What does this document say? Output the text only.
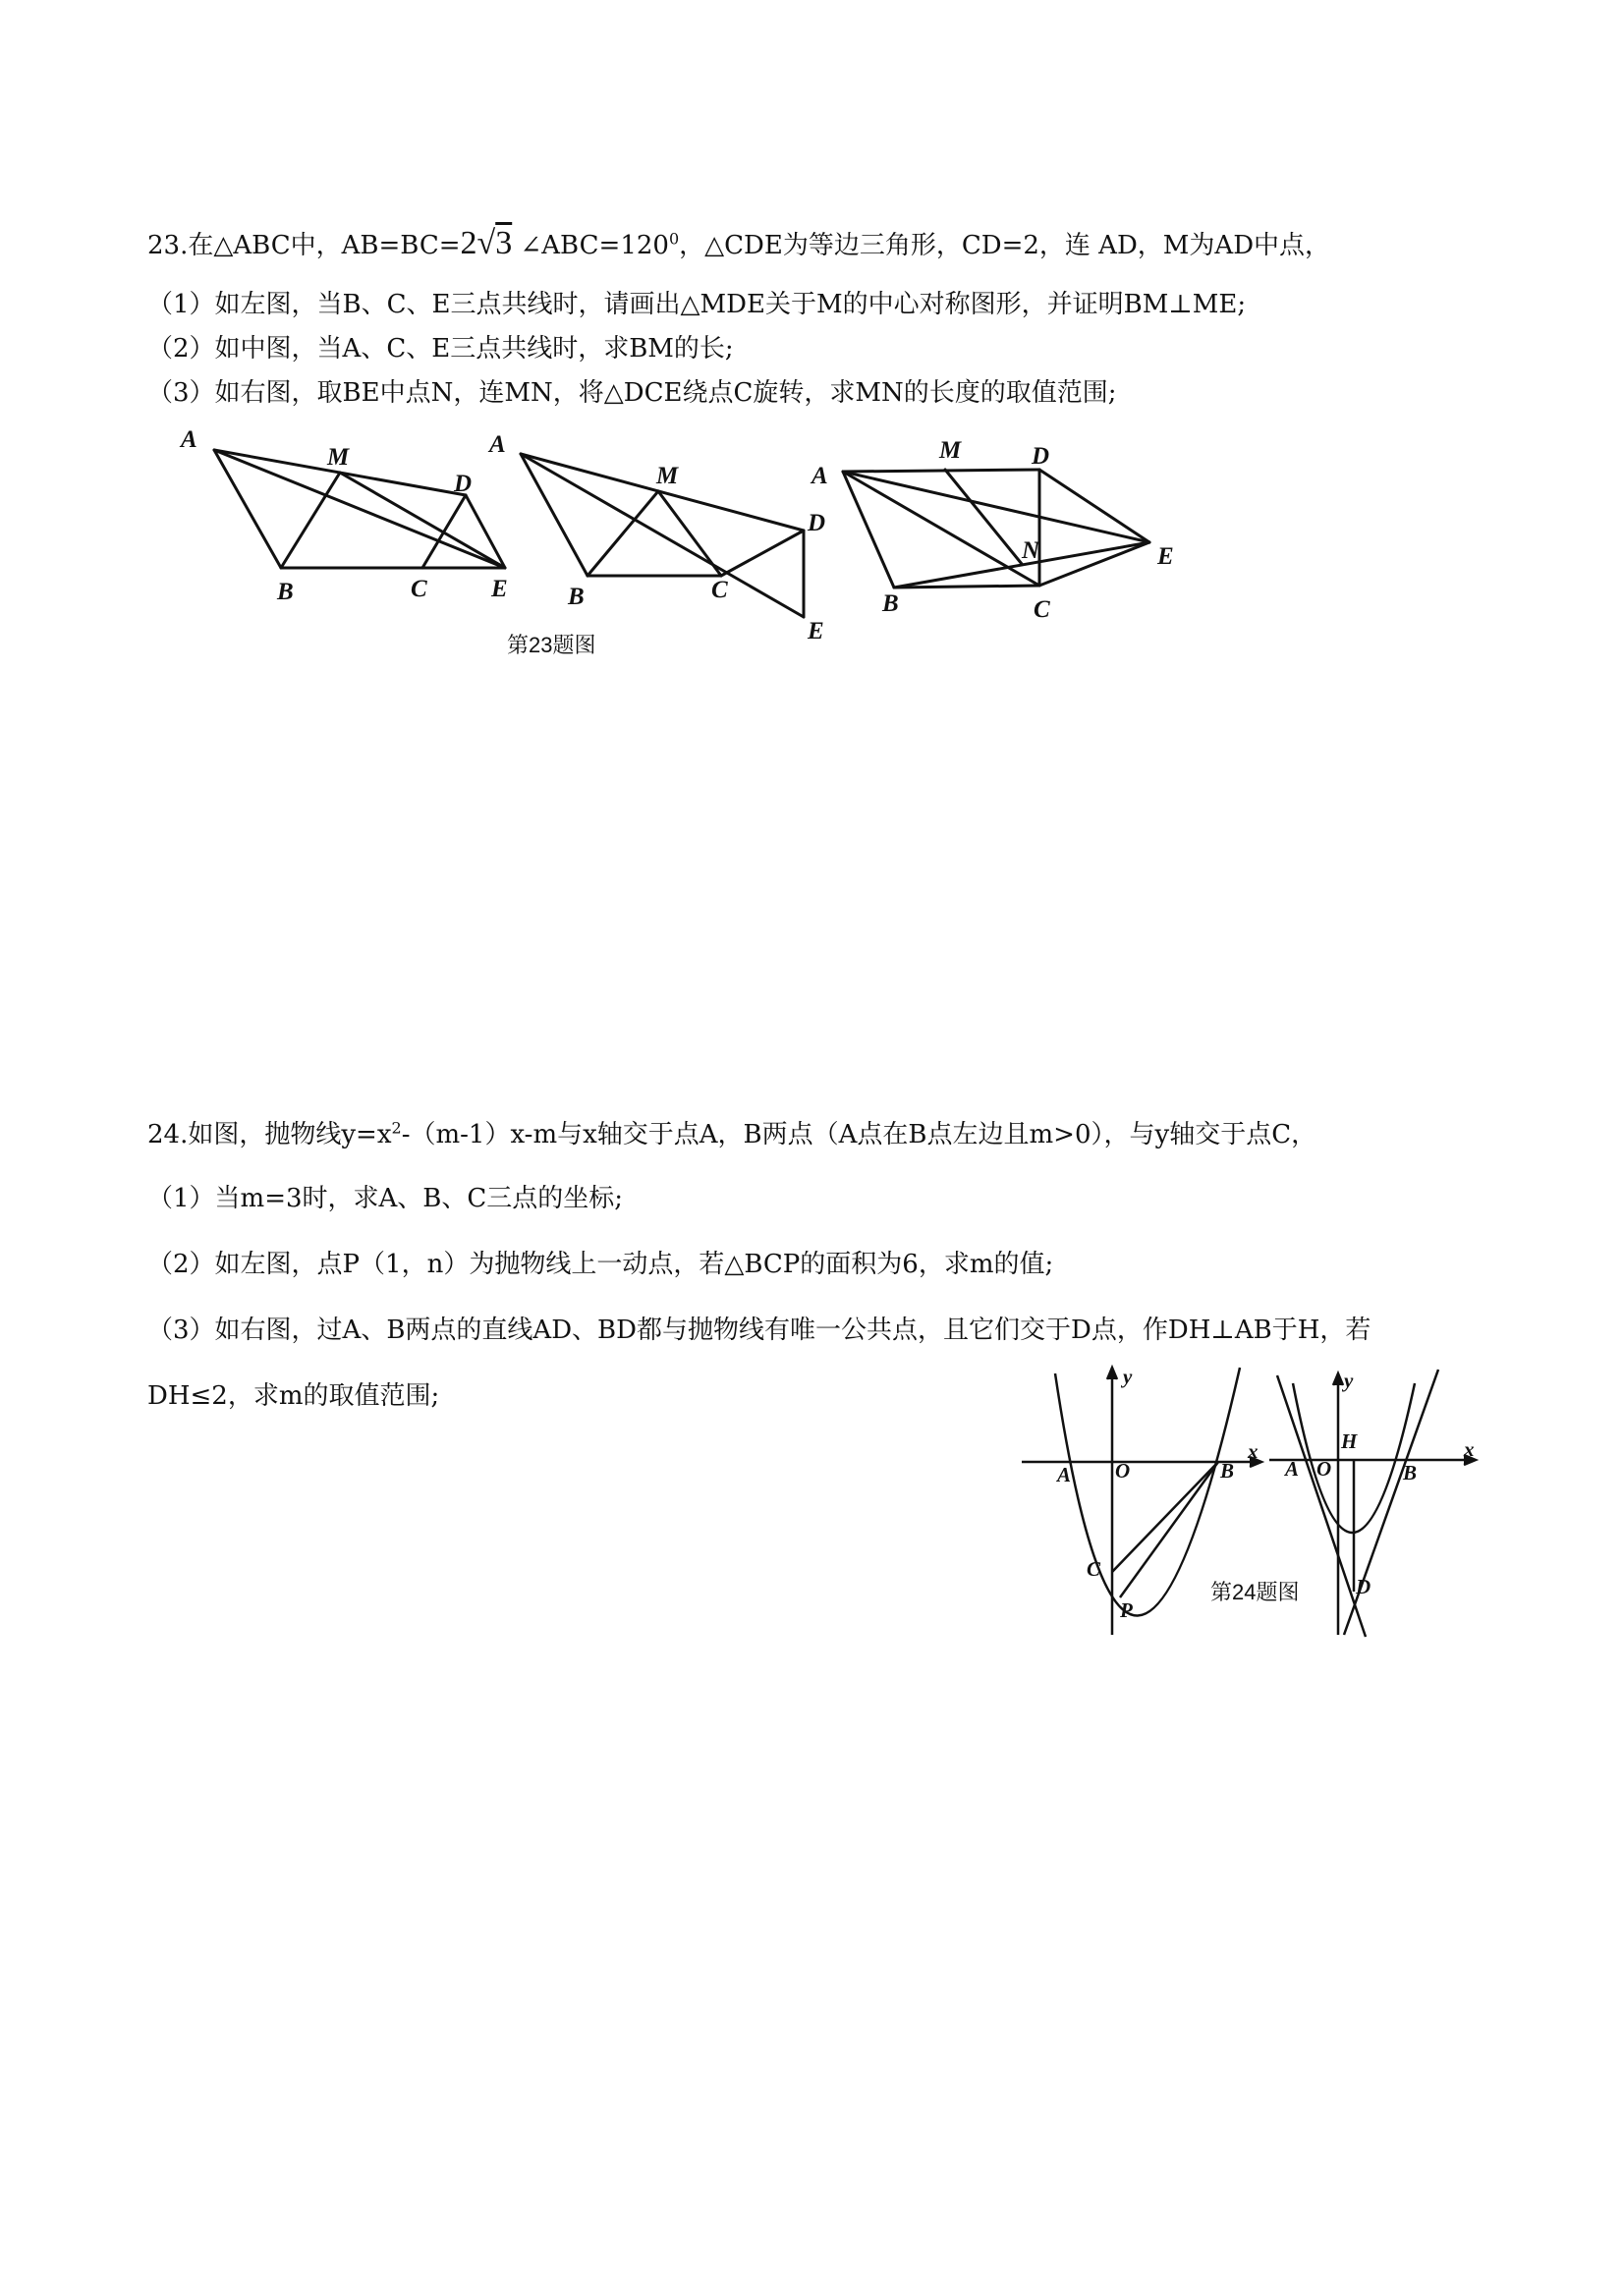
23.在△ABC中，AB=BC=2√3 $\angle ABC=120^0$，△CDE为等边三角形，CD=2，连 AD，M为AD中点，
（1）如左图，当B、C、E三点共线时，请画出△MDE关于M的中心对称图形，并证明BM⊥ME;
（2）如中图，当A、C、E三点共线时，求BM的长;
（3）如右图，取BE中点N，连MN，将△DCE绕点C旋转，求MN的长度的取值范围;
A
M
D
B	C	E
A
M
D
B	C
E
A
M	D
N	E
B	C
第23题图
24.如图，抛物线$y=x^2-(m-1)x-m$与x轴交于点A，B两点（A点在B点左边且m>0），与y轴交于点C，
（1）当m=3时，求A、B、C三点的坐标;
（2）如左图，点P（1，n）为抛物线上一动点，若△BCP的面积为6，求m的值;
（3）如右图，过A、B两点的直线AD、BD都与抛物线有唯一公共点，且它们交于D点，作DH⊥AB于H，若
DH≤2，求m的取值范围;
y
x
A O	B
C
P
y
H	x
A O	B
D
第24题图
